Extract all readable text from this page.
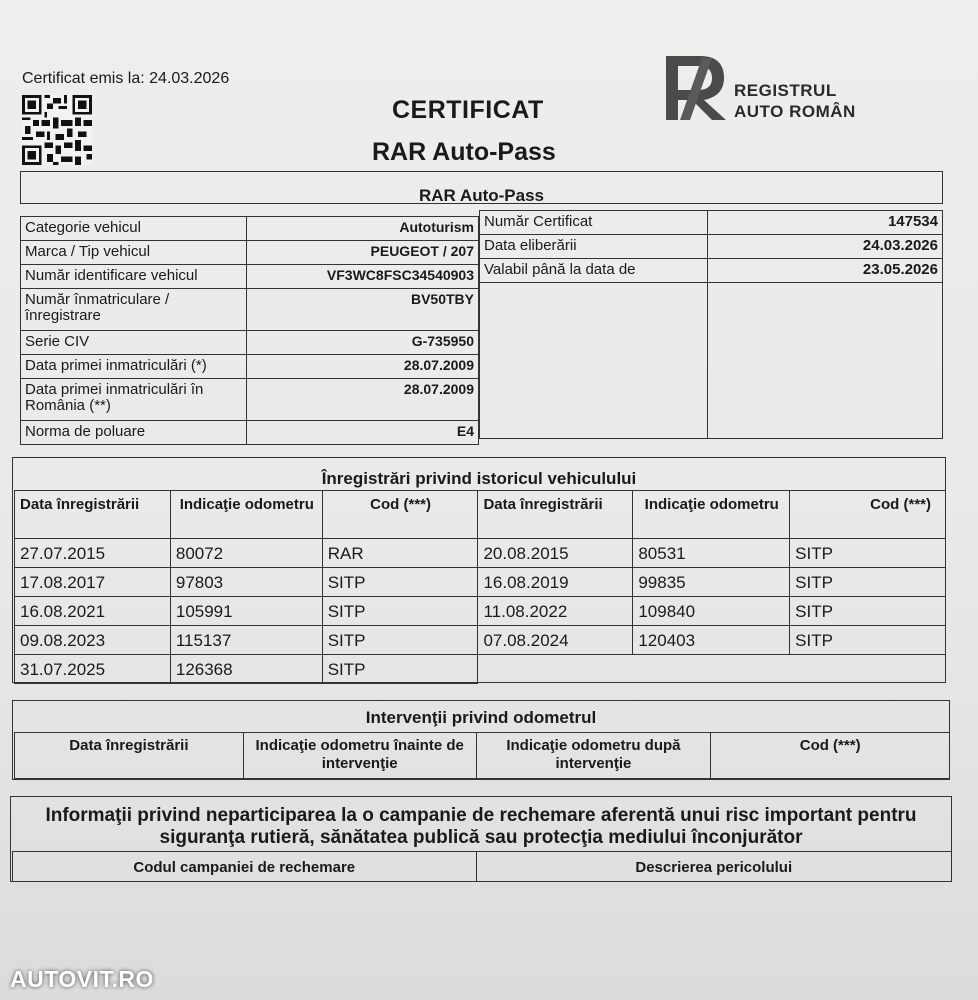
Certificat emis la: 24.03.2026
CERTIFICAT
RAR Auto-Pass
REGISTRUL
AUTO ROMÂN
RAR Auto-Pass
Categorie vehicul	Autoturism
Marca / Tip vehicul	PEUGEOT / 207
Număr identificare vehicul	VF3WC8FSC34540903
Număr înmatriculare / înregistrare	BV50TBY
Serie CIV	G-735950
Data primei inmatriculări (*)	28.07.2009
Data primei inmatriculări în România (**)	28.07.2009
Norma de poluare	E4
Număr Certificat	147534
Data eliberării	24.03.2026
Valabil până la data de	23.05.2026

Înregistrări privind istoricul vehiculului
Data înregistrării	Indicaţie odometru	Cod (***)	Data înregistrării	Indicaţie odometru	Cod (***)
27.07.2015	80072	RAR	20.08.2015	80531	SITP
17.08.2017	97803	SITP	16.08.2019	99835	SITP
16.08.2021	105991	SITP	11.08.2022	109840	SITP
09.08.2023	115137	SITP	07.08.2024	120403	SITP
31.07.2025	126368	SITP			
Intervenţii privind odometrul
Data înregistrării	Indicaţie odometru înainte de intervenţie	Indicaţie odometru după intervenţie	Cod (***)
Informaţii privind neparticiparea la o campanie de rechemare aferentă unui risc important pentru siguranţa rutieră, sănătatea publică sau protecţia mediului înconjurător
Codul campaniei de rechemare	Descrierea pericolului
AUTOVIT.RO
